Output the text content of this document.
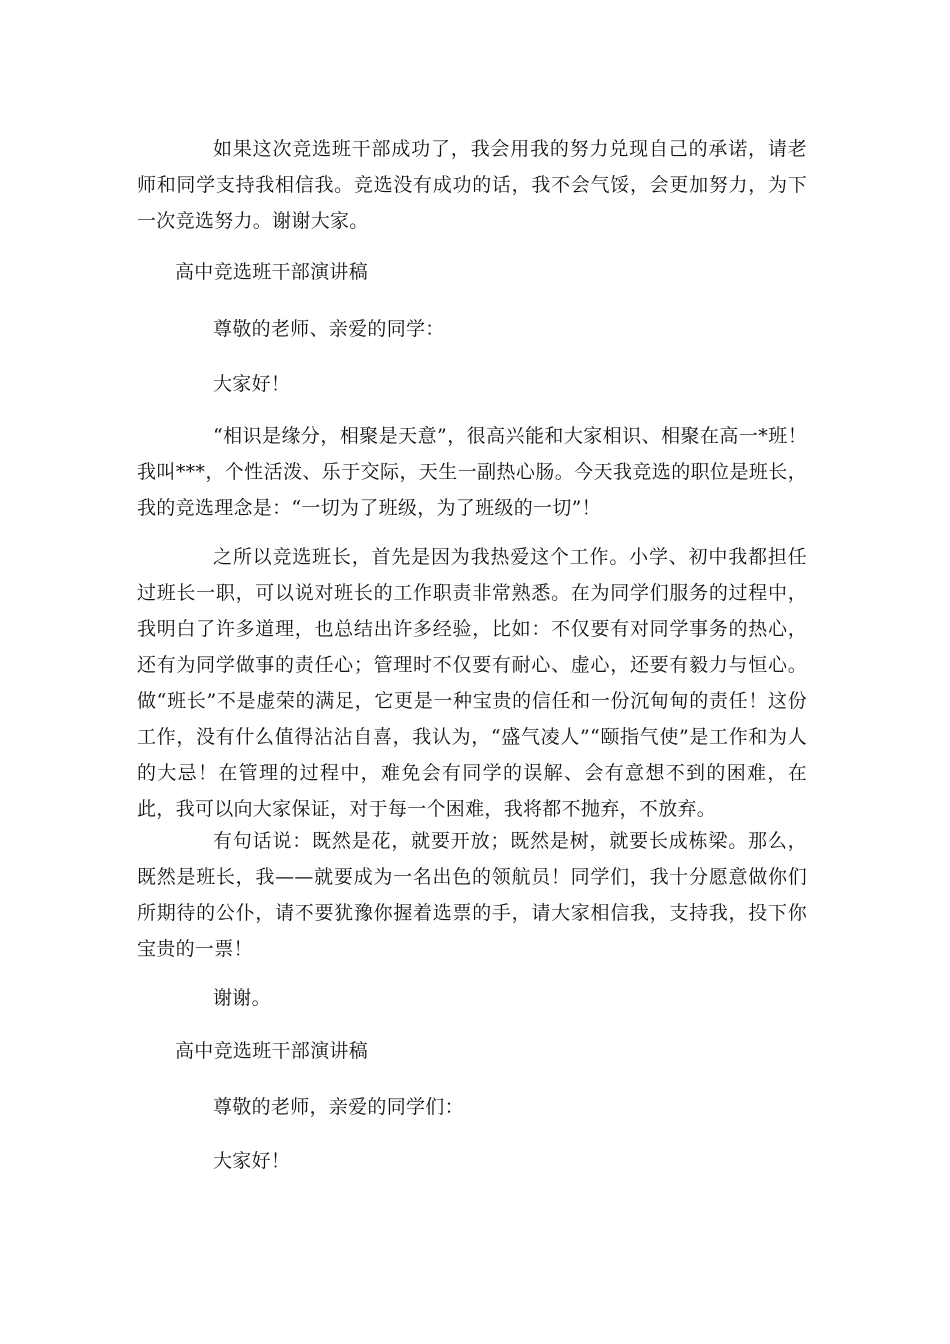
如果这次竞选班干部成功了，我会用我的努力兑现自己的承诺，请老师和同学支持我相信我。竞选没有成功的话，我不会气馁，会更加努力，为下一次竞选努力。谢谢大家。

高中竞选班干部演讲稿

尊敬的老师、亲爱的同学：

大家好！

“相识是缘分，相聚是天意”，很高兴能和大家相识、相聚在高一*班！我叫***，个性活泼、乐于交际，天生一副热心肠。今天我竞选的职位是班长，我的竞选理念是：“一切为了班级，为了班级的一切”！

之所以竞选班长，首先是因为我热爱这个工作。小学、初中我都担任过班长一职，可以说对班长的工作职责非常熟悉。在为同学们服务的过程中，我明白了许多道理，也总结出许多经验，比如：不仅要有对同学事务的热心，还有为同学做事的责任心；管理时不仅要有耐心、虚心，还要有毅力与恒心。做“班长”不是虚荣的满足，它更是一种宝贵的信任和一份沉甸甸的责任！这份工作，没有什么值得沾沾自喜，我认为，“盛气凌人”“颐指气使”是工作和为人的大忌！在管理的过程中，难免会有同学的误解、会有意想不到的困难，在此，我可以向大家保证，对于每一个困难，我将都不抛弃，不放弃。

有句话说：既然是花，就要开放；既然是树，就要长成栋梁。那么，既然是班长，我——就要成为一名出色的领航员！同学们，我十分愿意做你们所期待的公仆，请不要犹豫你握着选票的手，请大家相信我，支持我，投下你宝贵的一票！

谢谢。

高中竞选班干部演讲稿

尊敬的老师，亲爱的同学们：

大家好！
